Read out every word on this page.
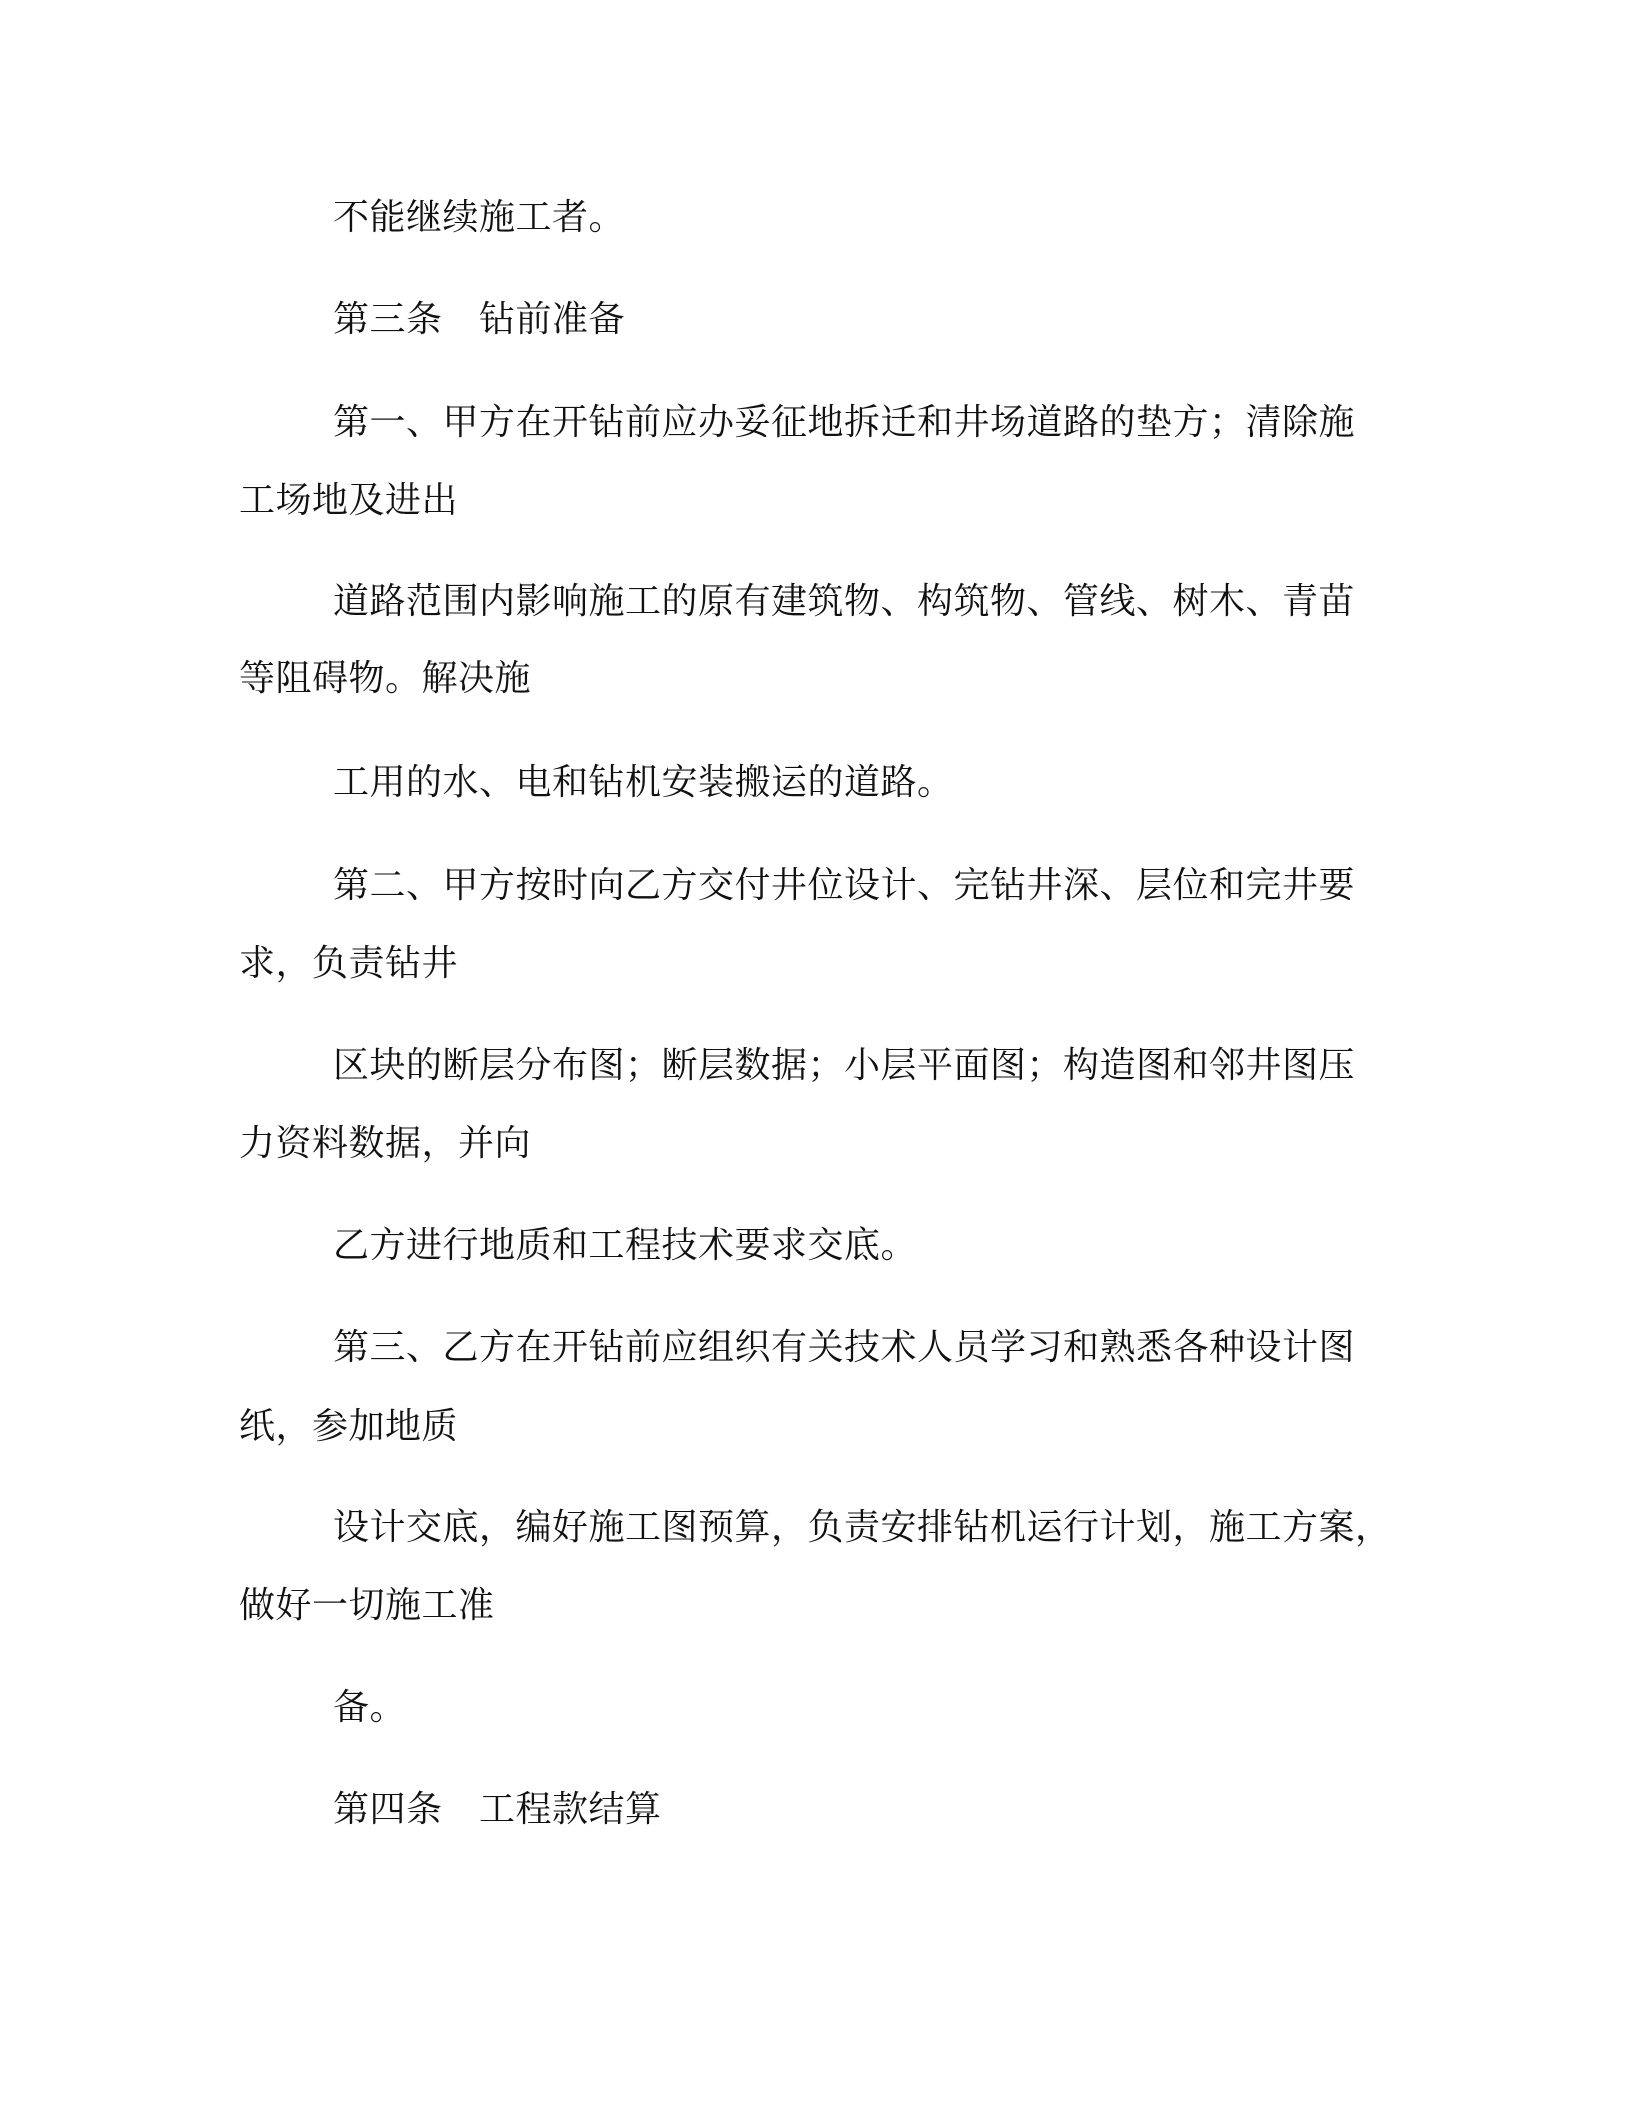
不能继续施工者。
第三条　钻前准备
第一、甲方在开钻前应办妥征地拆迁和井场道路的垫方；清除施
工场地及进出
道路范围内影响施工的原有建筑物、构筑物、管线、树木、青苗
等阻碍物。解决施
工用的水、电和钻机安装搬运的道路。
第二、甲方按时向乙方交付井位设计、完钻井深、层位和完井要
求，负责钻井
区块的断层分布图；断层数据；小层平面图；构造图和邻井图压
力资料数据，并向
乙方进行地质和工程技术要求交底。
第三、乙方在开钻前应组织有关技术人员学习和熟悉各种设计图
纸，参加地质
设计交底，编好施工图预算，负责安排钻机运行计划，施工方案，
做好一切施工准
备。
第四条　工程款结算
